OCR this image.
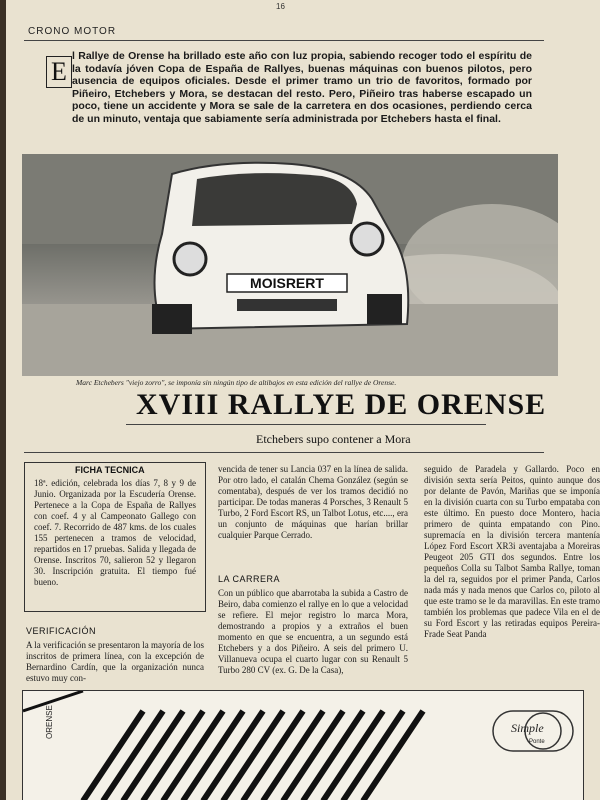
16
CRONO MOTOR
E
l Rallye de Orense ha brillado este año con luz propia, sabiendo recoger todo el espíritu de la todavía jóven Copa de España de Rallyes, buenas máquinas con buenos pilotos, pero ausencia de equipos oficiales. Desde el primer tramo un trio de favoritos, formado por Piñeiro, Etchebers y Mora, se destacan del resto. Pero, Piñeiro tras haberse escapado un poco, tiene un accidente y Mora se sale de la carretera en dos ocasiones, perdiendo cerca de un minuto, ventaja que sabiamente sería administrada por Etchebers hasta el final.
MOISRERT
Marc Etchebers "viejo zorro", se imponía sin ningún tipo de altibajos en esta edición del rallye de Orense.
XVIII RALLYE DE ORENSE
Etchebers supo contener a Mora
FICHA TECNICA
18ª. edición, celebrada los días 7, 8 y 9 de Junio. Organizada por la Escudería Orense. Pertenece a la Copa de España de Rallyes con coef. 4 y al Campeonato Gallego con coef. 7. Recorrido de 487 kms. de los cuales 155 pertenecen a tramos de velocidad, repartidos en 17 pruebas. Salida y llegada de Orense. Inscritos 70, salieron 52 y llegaron 30. Inscripción gratuita. El tiempo fué bueno.
VERIFICACIÓN
A la verificación se presentaron la mayoría de los inscritos de primera línea, con la excepción de Bernardino Cardín, que la organización nunca estuvo muy con-
vencida de tener su Lancia 037 en la línea de salida. Por otro lado, el catalán Chema González (según se comentaba), después de ver los tramos decidió no participar. De todas maneras 4 Porsches, 3 Renault 5 Turbo, 2 Ford Escort RS, un Talbot Lotus, etc...., era un conjunto de máquinas que harían brillar cualquier Parque Cerrado.
LA CARRERA
Con un público que abarrotaba la subida a Castro de Beiro, daba comienzo el rallye en lo que a velocidad se refiere. El mejor registro lo marca Mora, demostrando a propios y a extraños el buen momento en que se encuentra, a un segundo está Etchebers y a dos Piñeiro. A seis del primero U. Villanueva ocupa el cuarto lugar con su Renault 5 Turbo 280 CV (ex. G. De la Casa),
seguido de Paradela y Gallardo. Poco en división sexta sería Peitos, quinto aunque dos por delante de Pavón, Mariñas que se imponía en la división cuarta con su Turbo empataba con este último. En puesto doce Montero, hacia primero de quinta empatando con Pino. supremacía en la división tercera mantenía López Ford Escort XR3i aventajaba a Moreiras Peugeot 205 GTI dos segundos. Entre los pequeños Colla su Talbot Samba Rallye, toman la del ra, seguidos por el primer Panda, Carlos nada más y nada menos que Carlos co, piloto al que este tramo se le da maravillas. En este tramo también los problemas que padece Vila en el de su Ford Escort y las retiradas equipos Pereira-Frade Seat Panda
ORENSE	Simple
Ponte
